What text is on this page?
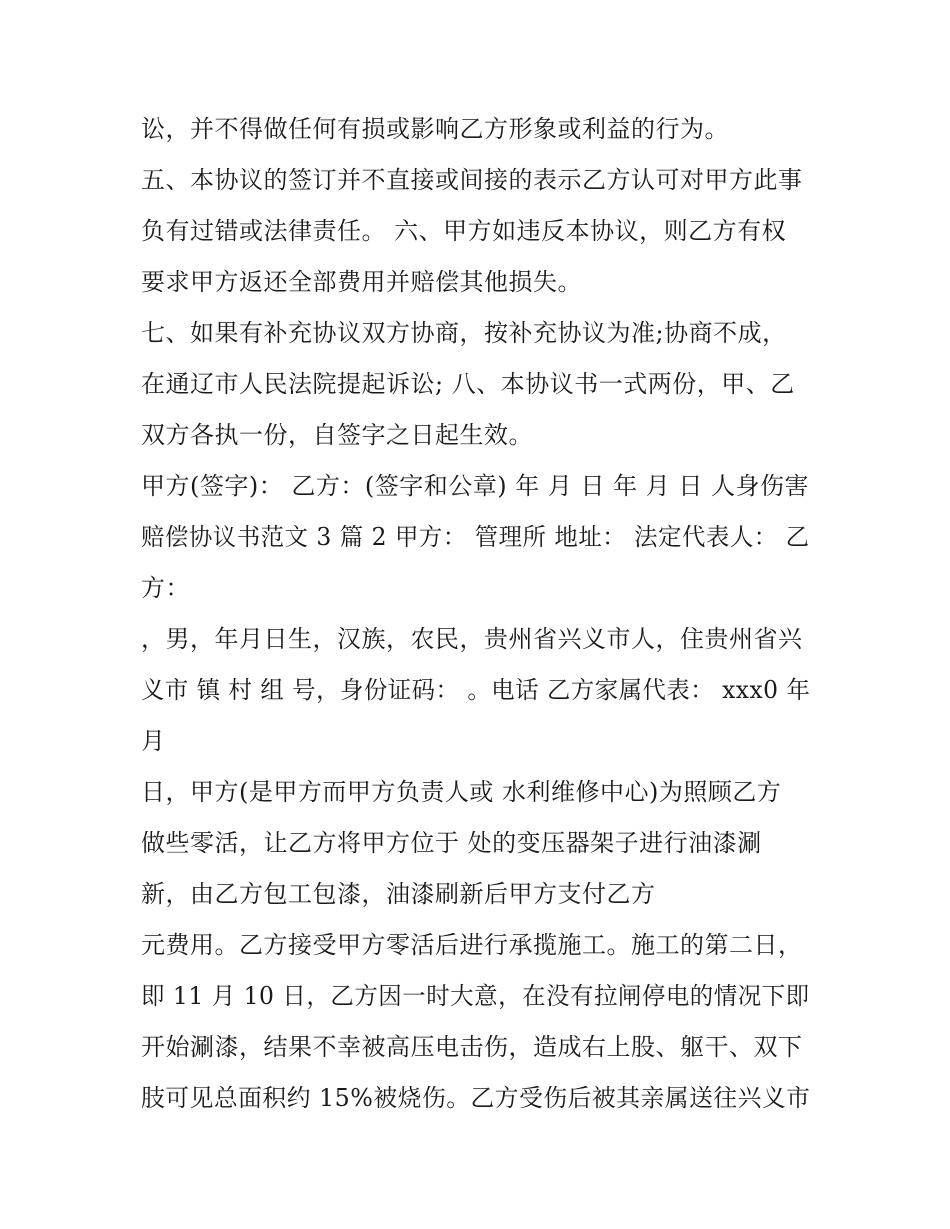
讼，并不得做任何有损或影响乙方形象或利益的行为。
五、本协议的签订并不直接或间接的表示乙方认可对甲方此事
负有过错或法律责任。 六、甲方如违反本协议，则乙方有权
要求甲方返还全部费用并赔偿其他损失。
七、如果有补充协议双方协商，按补充协议为准;协商不成，
在通辽市人民法院提起诉讼; 八、本协议书一式两份，甲、乙
双方各执一份，自签字之日起生效。
甲方(签字)： 乙方：(签字和公章) 年 月 日 年 月 日 人身伤害
赔偿协议书范文 3 篇 2 甲方： 管理所 地址： 法定代表人： 乙
方：
，男，年月日生，汉族，农民，贵州省兴义市人，住贵州省兴
义市 镇 村 组 号，身份证码： 。电话 乙方家属代表： xxx0 年
月
日，甲方(是甲方而甲方负责人或 水利维修中心)为照顾乙方
做些零活，让乙方将甲方位于 处的变压器架子进行油漆涮
新，由乙方包工包漆，油漆刷新后甲方支付乙方
元费用。乙方接受甲方零活后进行承揽施工。施工的第二日，
即 11 月 10 日，乙方因一时大意，在没有拉闸停电的情况下即
开始涮漆，结果不幸被高压电击伤，造成右上股、躯干、双下
肢可见总面积约 15%被烧伤。乙方受伤后被其亲属送往兴义市
